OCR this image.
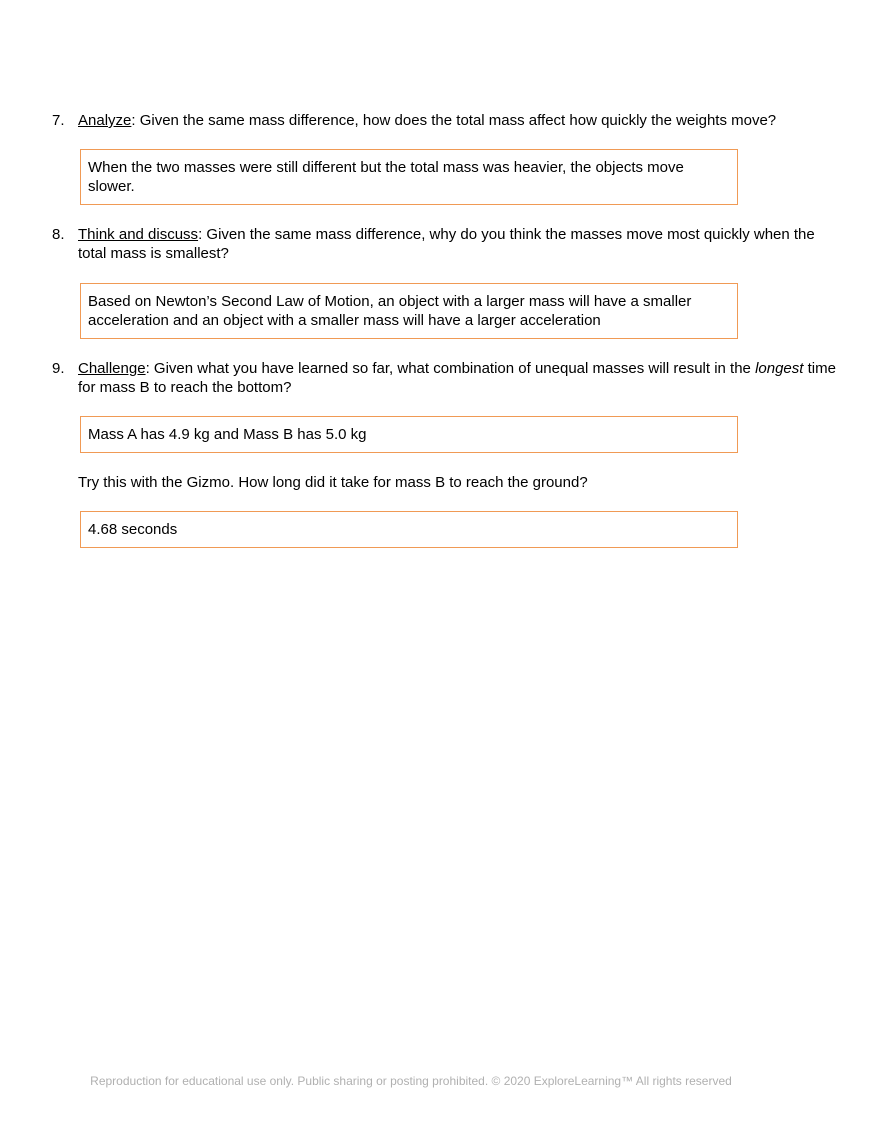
7. Analyze: Given the same mass difference, how does the total mass affect how quickly the weights move?
When the two masses were still different but the total mass was heavier, the objects move slower.
8. Think and discuss: Given the same mass difference, why do you think the masses move most quickly when the total mass is smallest?
Based on Newton’s Second Law of Motion, an object with a larger mass will have a smaller acceleration and an object with a smaller mass will have a larger acceleration
9. Challenge: Given what you have learned so far, what combination of unequal masses will result in the longest time for mass B to reach the bottom?
Mass A has 4.9 kg and Mass B has 5.0 kg
Try this with the Gizmo. How long did it take for mass B to reach the ground?
4.68 seconds
Reproduction for educational use only. Public sharing or posting prohibited. © 2020 ExploreLearning™ All rights reserved
